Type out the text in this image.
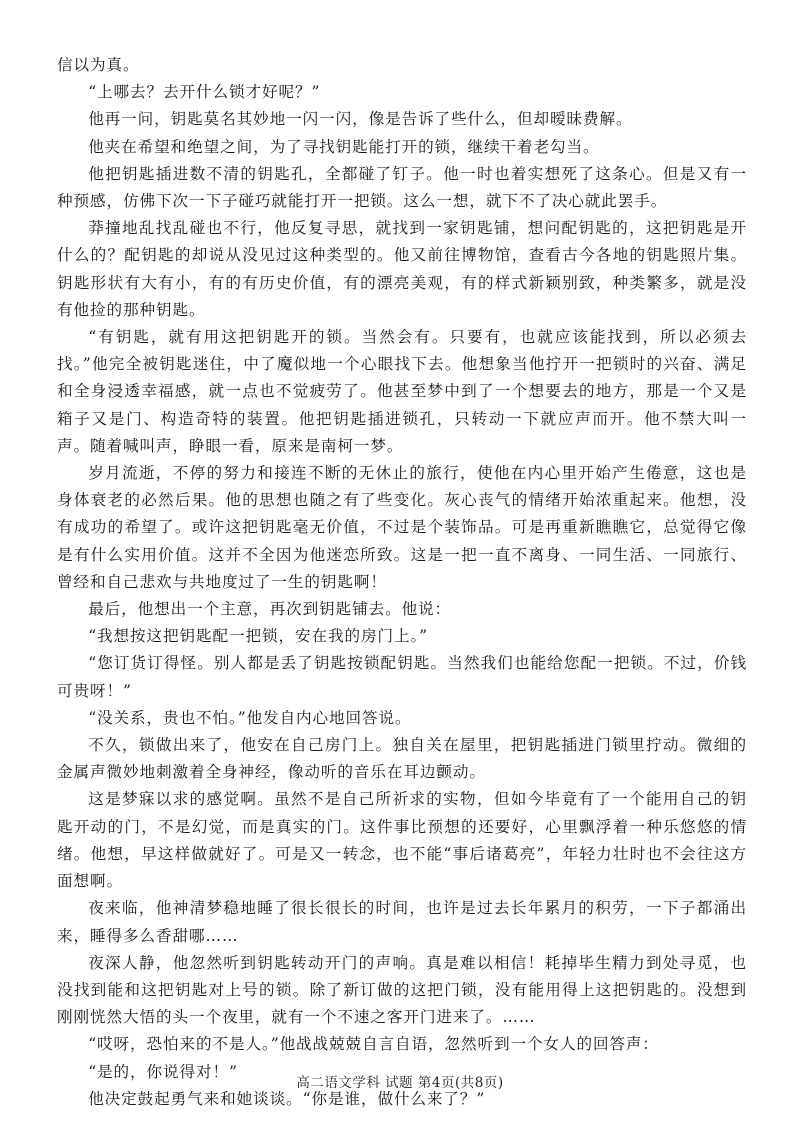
信以为真。

“上哪去？去开什么锁才好呢？”

他再一问，钥匙莫名其妙地一闪一闪，像是告诉了些什么，但却暧昧费解。

他夹在希望和绝望之间，为了寻找钥匙能打开的锁，继续干着老勾当。

他把钥匙插进数不清的钥匙孔，全都碰了钉子。他一时也着实想死了这条心。但是又有一种预感，仿佛下次一下子碰巧就能打开一把锁。这么一想，就下不了决心就此罢手。

莽撞地乱找乱碰也不行，他反复寻思，就找到一家钥匙铺，想问配钥匙的，这把钥匙是开什么的？配钥匙的却说从没见过这种类型的。他又前往博物馆，查看古今各地的钥匙照片集。钥匙形状有大有小，有的有历史价值，有的漂亮美观，有的样式新颖别致，种类繁多，就是没有他捡的那种钥匙。

“有钥匙，就有用这把钥匙开的锁。当然会有。只要有，也就应该能找到，所以必须去找。”他完全被钥匙迷住，中了魔似地一个心眼找下去。他想象当他拧开一把锁时的兴奋、满足和全身浸透幸福感，就一点也不觉疲劳了。他甚至梦中到了一个想要去的地方，那是一个又是箱子又是门、构造奇特的装置。他把钥匙插进锁孔，只转动一下就应声而开。他不禁大叫一声。随着喊叫声，睁眼一看，原来是南柯一梦。

岁月流逝，不停的努力和接连不断的无休止的旅行，使他在内心里开始产生倦意，这也是身体衰老的必然后果。他的思想也随之有了些变化。灰心丧气的情绪开始浓重起来。他想，没有成功的希望了。或许这把钥匙毫无价值，不过是个装饰品。可是再重新瞧瞧它，总觉得它像是有什么实用价值。这并不全因为他迷恋所致。这是一把一直不离身、一同生活、一同旅行、曾经和自己悲欢与共地度过了一生的钥匙啊！

最后，他想出一个主意，再次到钥匙铺去。他说：

“我想按这把钥匙配一把锁，安在我的房门上。”

“您订货订得怪。别人都是丢了钥匙按锁配钥匙。当然我们也能给您配一把锁。不过，价钱可贵呀！”

“没关系，贵也不怕。”他发自内心地回答说。

不久，锁做出来了，他安在自己房门上。独自关在屋里，把钥匙插进门锁里拧动。微细的金属声微妙地刺激着全身神经，像动听的音乐在耳边颤动。

这是梦寐以求的感觉啊。虽然不是自己所祈求的实物，但如今毕竟有了一个能用自己的钥匙开动的门，不是幻觉，而是真实的门。这件事比预想的还要好，心里飘浮着一种乐悠悠的情绪。他想，早这样做就好了。可是又一转念，也不能“事后诸葛亮”，年轻力壮时也不会往这方面想啊。

夜来临，他神清梦稳地睡了很长很长的时间，也许是过去长年累月的积劳，一下子都涌出来，睡得多么香甜哪……

夜深人静，他忽然听到钥匙转动开门的声响。真是难以相信！耗掉毕生精力到处寻觅，也没找到能和这把钥匙对上号的锁。除了新订做的这把门锁，没有能用得上这把钥匙的。没想到刚刚恍然大悟的头一个夜里，就有一个不速之客开门进来了。……

“哎呀，恐怕来的不是人。”他战战兢兢自言自语，忽然听到一个女人的回答声：

“是的，你说得对！”

他决定鼓起勇气来和她谈谈。“你是谁，做什么来了？”

高二语文学科 试题 第4页(共8页)
